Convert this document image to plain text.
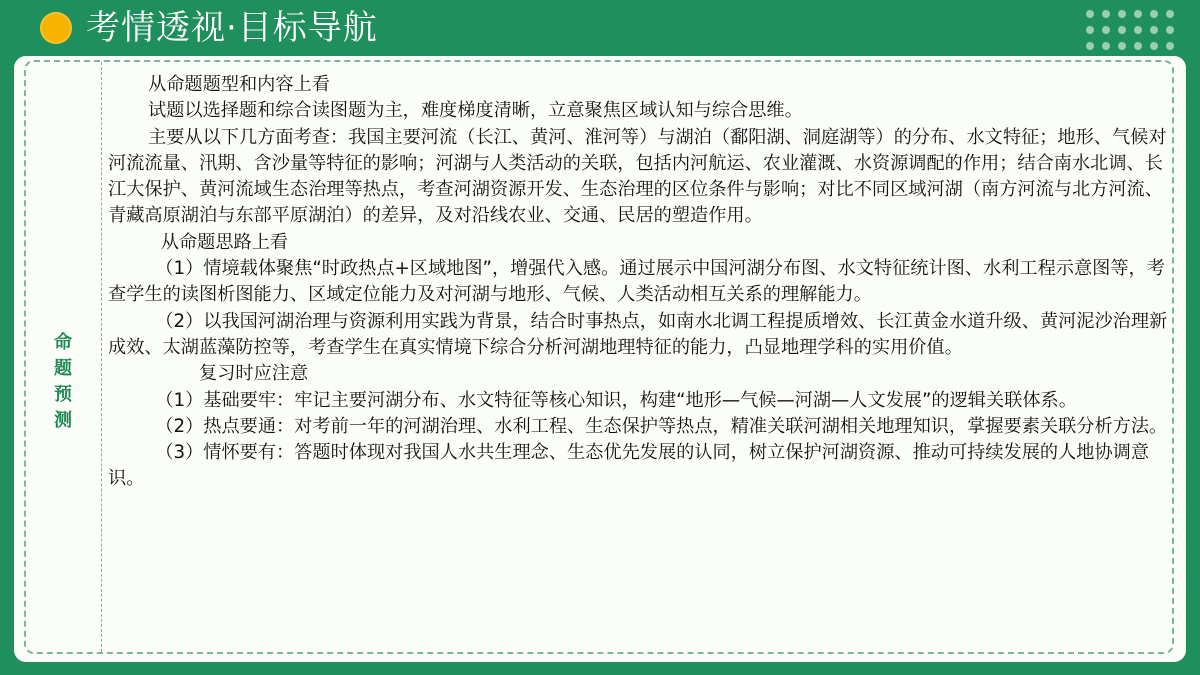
考情透视·目标导航
命 题 预 测

从命题题型和内容上看

试题以选择题和综合读图题为主，难度梯度清晰，立意聚焦区域认知与综合思维。

主要从以下几方面考查：我国主要河流（长江、黄河、淮河等）与湖泊（鄱阳湖、洞庭湖等）的分布、水文特征；地形、气候对河流流量、汛期、含沙量等特征的影响；河湖与人类活动的关联，包括内河航运、农业灌溉、水资源调配的作用；结合南水北调、长江大保护、黄河流域生态治理等热点，考查河湖资源开发、生态治理的区位条件与影响；对比不同区域河湖（南方河流与北方河流、青藏高原湖泊与东部平原湖泊）的差异，及对沿线农业、交通、民居的塑造作用。

从命题思路上看

（1）情境载体聚焦“时政热点+区域地图”，增强代入感。通过展示中国河湖分布图、水文特征统计图、水利工程示意图等，考查学生的读图析图能力、区域定位能力及对河湖与地形、气候、人类活动相互关系的理解能力。

（2）以我国河湖治理与资源利用实践为背景，结合时事热点，如南水北调工程提质增效、长江黄金水道升级、黄河泥沙治理新成效、太湖蓝藻防控等，考查学生在真实情境下综合分析河湖地理特征的能力，凸显地理学科的实用价值。

复习时应注意

（1）基础要牢：牢记主要河湖分布、水文特征等核心知识，构建“地形—气候—河湖—人文发展”的逻辑关联体系。

（2）热点要通：对考前一年的河湖治理、水利工程、生态保护等热点，精准关联河湖相关地理知识，掌握要素关联分析方法。

（3）情怀要有：答题时体现对我国人水共生理念、生态优先发展的认同，树立保护河湖资源、推动可持续发展的人地协调意识。
